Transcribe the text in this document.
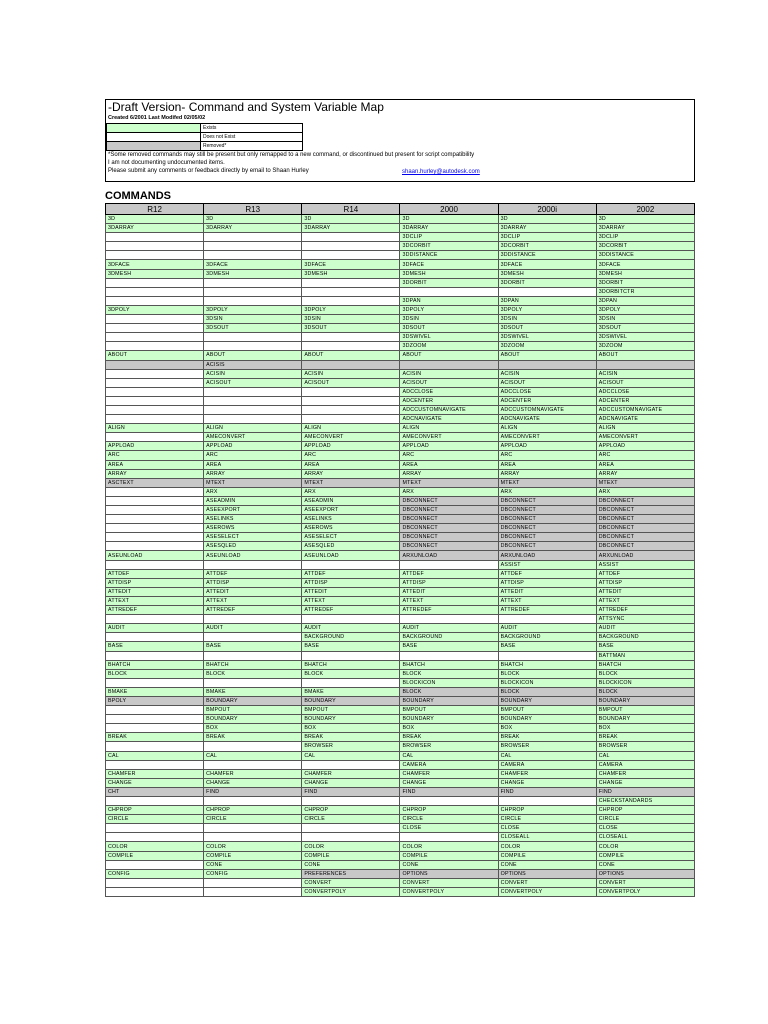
-Draft Version- Command and System Variable Map
Created 6/2001 Last Modifed 02/05/02
	Exists
	Does not Exist
	Removed*
*Some removed commands may still be present but only remapped to a new command, or discontinued but present for script compatibility
I am not documenting undocumented items.
Please submit any comments or feedback directly by email to Shaan Hurley	shaan.hurley@autodesk.com
COMMANDS
R12	R13	R14	2000	2000i	2002
3D	3D	3D	3D	3D	3D
3DARRAY	3DARRAY	3DARRAY	3DARRAY	3DARRAY	3DARRAY
			3DCLIP	3DCLIP	3DCLIP
			3DCORBIT	3DCORBIT	3DCORBIT
			3DDISTANCE	3DDISTANCE	3DDISTANCE
3DFACE	3DFACE	3DFACE	3DFACE	3DFACE	3DFACE
3DMESH	3DMESH	3DMESH	3DMESH	3DMESH	3DMESH
			3DORBIT	3DORBIT	3DORBIT
					3DORBITCTR
			3DPAN	3DPAN	3DPAN
3DPOLY	3DPOLY	3DPOLY	3DPOLY	3DPOLY	3DPOLY
	3DSIN	3DSIN	3DSIN	3DSIN	3DSIN
	3DSOUT	3DSOUT	3DSOUT	3DSOUT	3DSOUT
			3DSWIVEL	3DSWIVEL	3DSWIVEL
			3DZOOM	3DZOOM	3DZOOM
ABOUT	ABOUT	ABOUT	ABOUT	ABOUT	ABOUT
	ACISIS				
	ACISIN	ACISIN	ACISIN	ACISIN	ACISIN
	ACISOUT	ACISOUT	ACISOUT	ACISOUT	ACISOUT
			ADCCLOSE	ADCCLOSE	ADCCLOSE
			ADCENTER	ADCENTER	ADCENTER
			ADCCUSTOMNAVIGATE	ADCCUSTOMNAVIGATE	ADCCUSTOMNAVIGATE
			ADCNAVIGATE	ADCNAVIGATE	ADCNAVIGATE
ALIGN	ALIGN	ALIGN	ALIGN	ALIGN	ALIGN
	AMECONVERT	AMECONVERT	AMECONVERT	AMECONVERT	AMECONVERT
APPLOAD	APPLOAD	APPLOAD	APPLOAD	APPLOAD	APPLOAD
ARC	ARC	ARC	ARC	ARC	ARC
AREA	AREA	AREA	AREA	AREA	AREA
ARRAY	ARRAY	ARRAY	ARRAY	ARRAY	ARRAY
ASCTEXT	MTEXT	MTEXT	MTEXT	MTEXT	MTEXT
	ARX	ARX	ARX	ARX	ARX
	ASEADMIN	ASEADMIN	DBCONNECT	DBCONNECT	DBCONNECT
	ASEEXPORT	ASEEXPORT	DBCONNECT	DBCONNECT	DBCONNECT
	ASELINKS	ASELINKS	DBCONNECT	DBCONNECT	DBCONNECT
	ASEROWS	ASEROWS	DBCONNECT	DBCONNECT	DBCONNECT
	ASESELECT	ASESELECT	DBCONNECT	DBCONNECT	DBCONNECT
	ASESQLED	ASESQLED	DBCONNECT	DBCONNECT	DBCONNECT
ASEUNLOAD	ASEUNLOAD	ASEUNLOAD	ARXUNLOAD	ARXUNLOAD	ARXUNLOAD
				ASSIST	ASSIST
ATTDEF	ATTDEF	ATTDEF	ATTDEF	ATTDEF	ATTDEF
ATTDISP	ATTDISP	ATTDISP	ATTDISP	ATTDISP	ATTDISP
ATTEDIT	ATTEDIT	ATTEDIT	ATTEDIT	ATTEDIT	ATTEDIT
ATTEXT	ATTEXT	ATTEXT	ATTEXT	ATTEXT	ATTEXT
ATTREDEF	ATTREDEF	ATTREDEF	ATTREDEF	ATTREDEF	ATTREDEF
					ATTSYNC
AUDIT	AUDIT	AUDIT	AUDIT	AUDIT	AUDIT
		BACKGROUND	BACKGROUND	BACKGROUND	BACKGROUND
BASE	BASE	BASE	BASE	BASE	BASE
					BATTMAN
BHATCH	BHATCH	BHATCH	BHATCH	BHATCH	BHATCH
BLOCK	BLOCK	BLOCK	BLOCK	BLOCK	BLOCK
			BLOCKICON	BLOCKICON	BLOCKICON
BMAKE	BMAKE	BMAKE	BLOCK	BLOCK	BLOCK
BPOLY	BOUNDARY	BOUNDARY	BOUNDARY	BOUNDARY	BOUNDARY
	BMPOUT	BMPOUT	BMPOUT	BMPOUT	BMPOUT
	BOUNDARY	BOUNDARY	BOUNDARY	BOUNDARY	BOUNDARY
	BOX	BOX	BOX	BOX	BOX
BREAK	BREAK	BREAK	BREAK	BREAK	BREAK
		BROWSER	BROWSER	BROWSER	BROWSER
CAL	CAL	CAL	CAL	CAL	CAL
			CAMERA	CAMERA	CAMERA
CHAMFER	CHAMFER	CHAMFER	CHAMFER	CHAMFER	CHAMFER
CHANGE	CHANGE	CHANGE	CHANGE	CHANGE	CHANGE
CHT	FIND	FIND	FIND	FIND	FIND
					CHECKSTANDARDS
CHPROP	CHPROP	CHPROP	CHPROP	CHPROP	CHPROP
CIRCLE	CIRCLE	CIRCLE	CIRCLE	CIRCLE	CIRCLE
			CLOSE	CLOSE	CLOSE
				CLOSEALL	CLOSEALL
COLOR	COLOR	COLOR	COLOR	COLOR	COLOR
COMPILE	COMPILE	COMPILE	COMPILE	COMPILE	COMPILE
	CONE	CONE	CONE	CONE	CONE
CONFIG	CONFIG	PREFERENCES	OPTIONS	OPTIONS	OPTIONS
		CONVERT	CONVERT	CONVERT	CONVERT
		CONVERTPOLY	CONVERTPOLY	CONVERTPOLY	CONVERTPOLY
